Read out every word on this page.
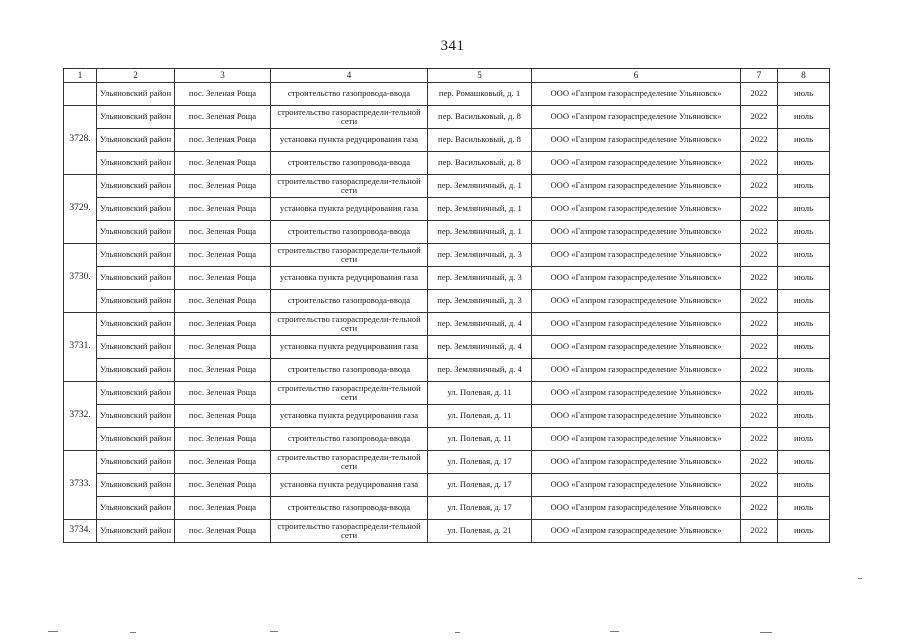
341
1	2	3	4	5	6	7	8
	Ульяновский район	пос. Зеленая Роща	строительство газопровода-ввода	пер. Ромашковый, д. 1	ООО «Газпром газораспределение Ульяновск»	2022	июль
3728.	Ульяновский район	пос. Зеленая Роща	строительство газораспредели-тельной сети	пер. Васильковый, д. 8	ООО «Газпром газораспределение Ульяновск»	2022	июль
	Ульяновский район	пос. Зеленая Роща	установка пункта редуцирования газа	пер. Васильковый, д. 8	ООО «Газпром газораспределение Ульяновск»	2022	июль
	Ульяновский район	пос. Зеленая Роща	строительство газопровода-ввода	пер. Васильковый, д. 8	ООО «Газпром газораспределение Ульяновск»	2022	июль
3729.	Ульяновский район	пос. Зеленая Роща	строительство газораспредели-тельной сети	пер. Земляничный, д. 1	ООО «Газпром газораспределение Ульяновск»	2022	июль
	Ульяновский район	пос. Зеленая Роща	установка пункта редуцирования газа	пер. Земляничный, д. 1	ООО «Газпром газораспределение Ульяновск»	2022	июль
	Ульяновский район	пос. Зеленая Роща	строительство газопровода-ввода	пер. Земляничный, д. 1	ООО «Газпром газораспределение Ульяновск»	2022	июль
3730.	Ульяновский район	пос. Зеленая Роща	строительство газораспредели-тельной сети	пер. Земляничный, д. 3	ООО «Газпром газораспределение Ульяновск»	2022	июль
	Ульяновский район	пос. Зеленая Роща	установка пункта редуцирования газа	пер. Земляничный, д. 3	ООО «Газпром газораспределение Ульяновск»	2022	июль
	Ульяновский район	пос. Зеленая Роща	строительство газопровода-ввода	пер. Земляничный, д. 3	ООО «Газпром газораспределение Ульяновск»	2022	июль
3731.	Ульяновский район	пос. Зеленая Роща	строительство газораспредели-тельной сети	пер. Земляничный, д. 4	ООО «Газпром газораспределение Ульяновск»	2022	июль
	Ульяновский район	пос. Зеленая Роща	установка пункта редуцирования газа	пер. Земляничный, д. 4	ООО «Газпром газораспределение Ульяновск»	2022	июль
	Ульяновский район	пос. Зеленая Роща	строительство газопровода-ввода	пер. Земляничный, д. 4	ООО «Газпром газораспределение Ульяновск»	2022	июль
3732.	Ульяновский район	пос. Зеленая Роща	строительство газораспредели-тельной сети	ул. Полевая, д. 11	ООО «Газпром газораспределение Ульяновск»	2022	июль
	Ульяновский район	пос. Зеленая Роща	установка пункта редуцирования газа	ул. Полевая, д. 11	ООО «Газпром газораспределение Ульяновск»	2022	июль
	Ульяновский район	пос. Зеленая Роща	строительство газопровода-ввода	ул. Полевая, д. 11	ООО «Газпром газораспределение Ульяновск»	2022	июль
3733.	Ульяновский район	пос. Зеленая Роща	строительство газораспредели-тельной сети	ул. Полевая, д. 17	ООО «Газпром газораспределение Ульяновск»	2022	июль
	Ульяновский район	пос. Зеленая Роща	установка пункта редуцирования газа	ул. Полевая, д. 17	ООО «Газпром газораспределение Ульяновск»	2022	июль
	Ульяновский район	пос. Зеленая Роща	строительство газопровода-ввода	ул. Полевая, д. 17	ООО «Газпром газораспределение Ульяновск»	2022	июль
3734.	Ульяновский район	пос. Зеленая Роща	строительство газораспредели-тельной сети	ул. Полевая, д. 21	ООО «Газпром газораспределение Ульяновск»	2022	июль
